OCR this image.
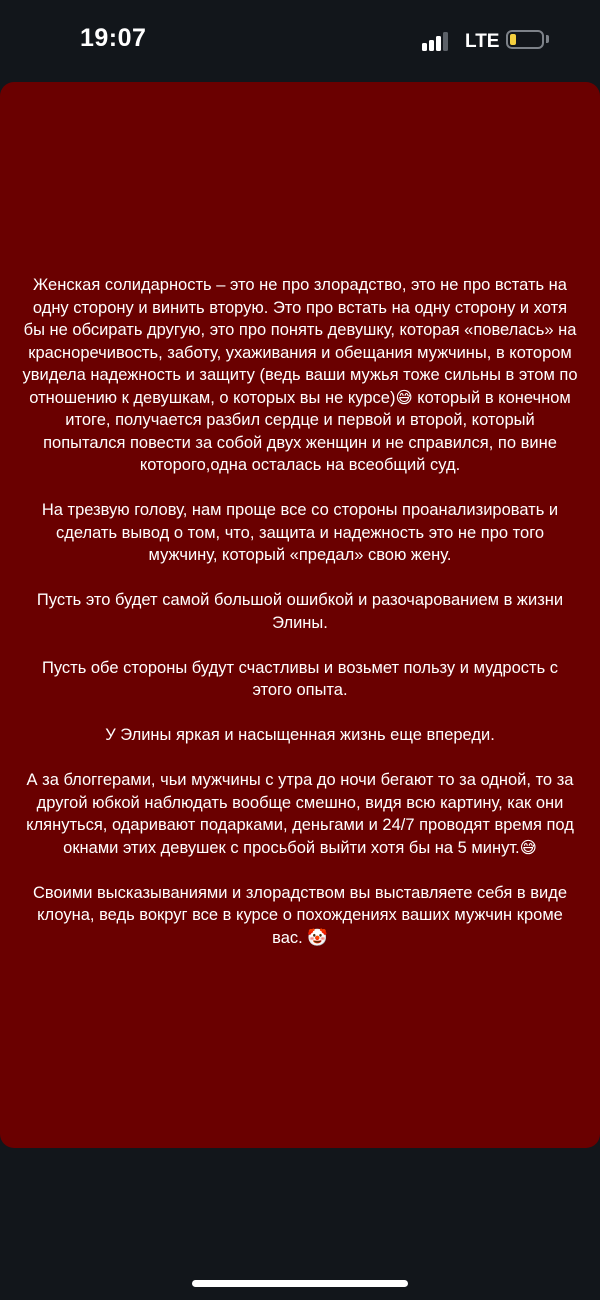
19:07	LTE

Женская солидарность – это не про злорадство, это не про встать на одну сторону и винить вторую. Это про встать на одну сторону и хотя бы не обсирать другую, это про понять девушку, которая «повелась» на красноречивость, заботу, ухаживания и обещания мужчины, в котором увидела надежность и защиту (ведь ваши мужья тоже сильны в этом по отношению к девушкам, о которых вы не курсе)😅 который в конечном итоге, получается разбил сердце и первой и второй, который попытался повести за собой двух женщин и не справился, по вине которого,одна осталась на всеобщий суд.

На трезвую голову, нам проще все со стороны проанализировать и сделать вывод о том, что, защита и надежность это не про того мужчину, который «предал» свою жену.

Пусть это будет самой большой ошибкой и разочарованием в жизни Элины.

Пусть обе стороны будут счастливы и возьмет пользу и мудрость с этого опыта.

У Элины яркая и насыщенная жизнь еще впереди.

А за блоггерами, чьи мужчины с утра до ночи бегают то за одной, то за другой юбкой наблюдать вообще смешно, видя всю картину, как они клянуться, одаривают подарками, деньгами и 24/7 проводят время под окнами этих девушек с просьбой выйти хотя бы на 5 минут.😅

Своими высказываниями и злорадством вы выставляете себя в виде клоуна, ведь вокруг все в курсе о похождениях ваших мужчин кроме вас. 🤡
